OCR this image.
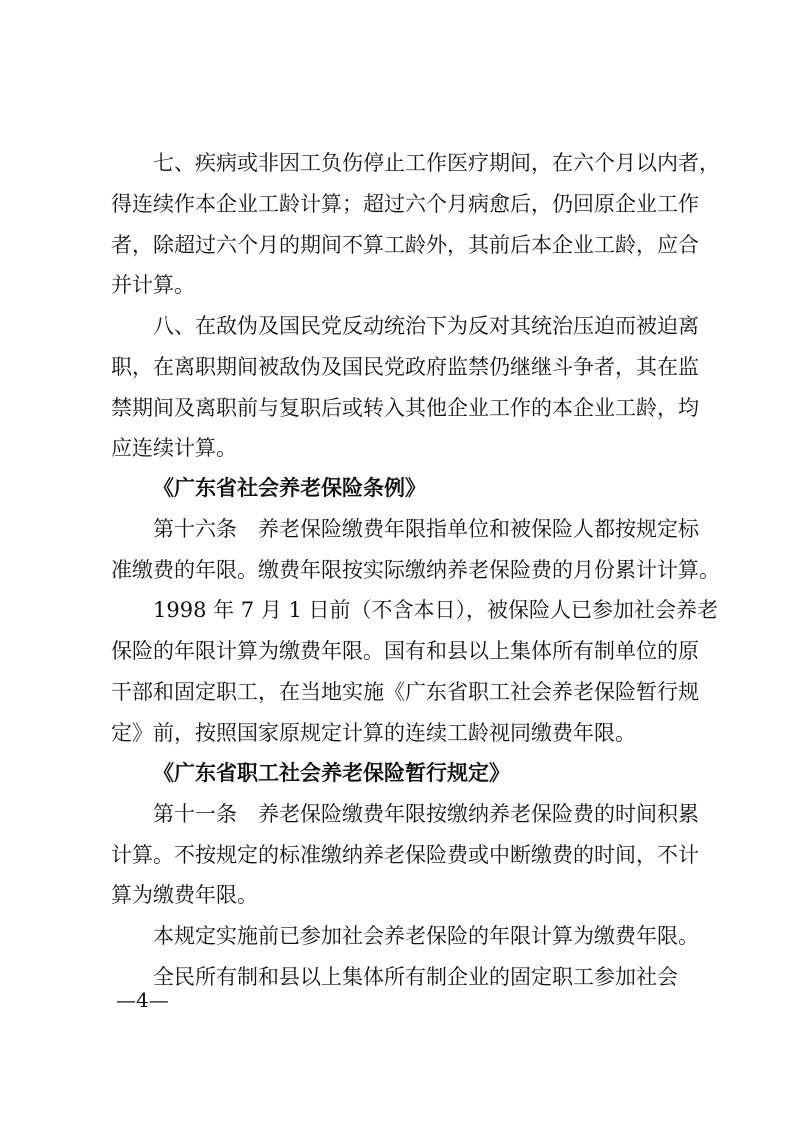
七、疾病或非因工负伤停止工作医疗期间，在六个月以内者，
得连续作本企业工龄计算；超过六个月病愈后，仍回原企业工作
者，除超过六个月的期间不算工龄外，其前后本企业工龄，应合
并计算。
八、在敌伪及国民党反动统治下为反对其统治压迫而被迫离
职，在离职期间被敌伪及国民党政府监禁仍继继斗争者，其在监
禁期间及离职前与复职后或转入其他企业工作的本企业工龄，均
应连续计算。
《广东省社会养老保险条例》
第十六条　养老保险缴费年限指单位和被保险人都按规定标
准缴费的年限。缴费年限按实际缴纳养老保险费的月份累计计算。
1998 年 7 月 1 日前（不含本日），被保险人已参加社会养老
保险的年限计算为缴费年限。国有和县以上集体所有制单位的原
干部和固定职工，在当地实施《广东省职工社会养老保险暂行规
定》前，按照国家原规定计算的连续工龄视同缴费年限。
《广东省职工社会养老保险暂行规定》
第十一条　养老保险缴费年限按缴纳养老保险费的时间积累
计算。不按规定的标准缴纳养老保险费或中断缴费的时间，不计
算为缴费年限。
本规定实施前已参加社会养老保险的年限计算为缴费年限。
全民所有制和县以上集体所有制企业的固定职工参加社会
—4—
